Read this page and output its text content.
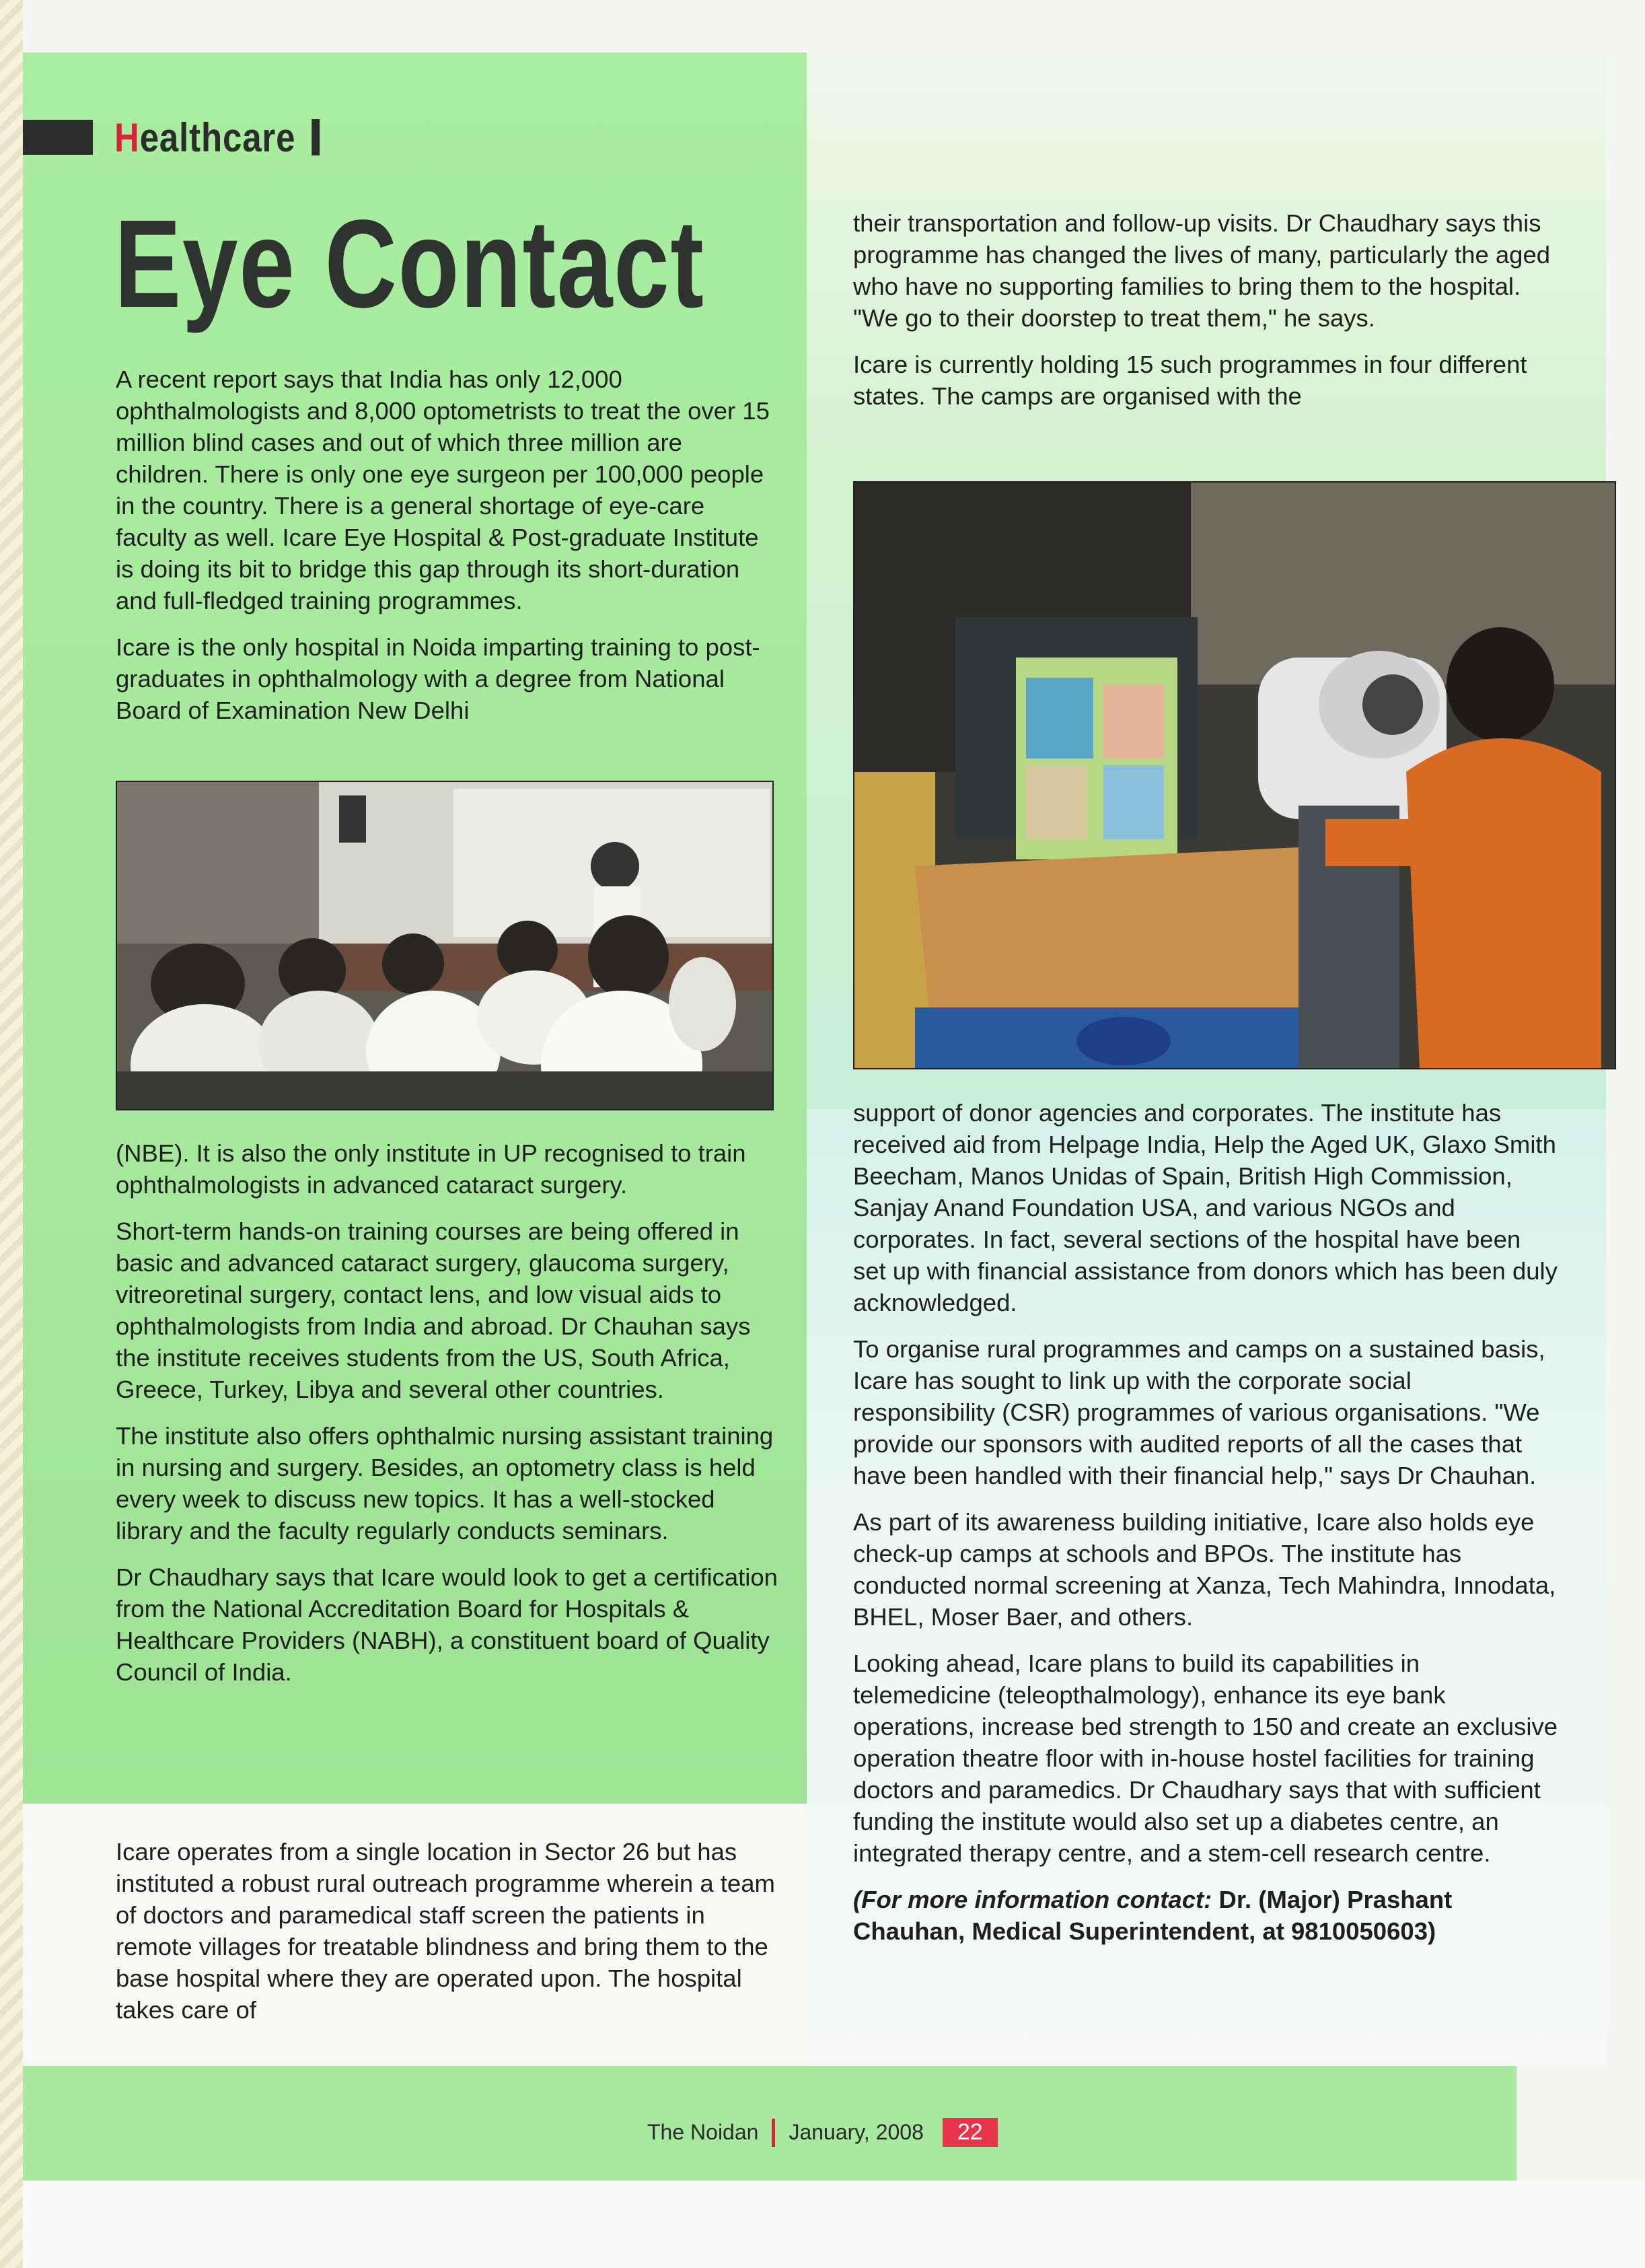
Healthcare
Eye Contact

A recent report says that India has only 12,000 ophthalmologists and 8,000 optometrists to treat the over 15 million blind cases and out of which three million are children. There is only one eye surgeon per 100,000 people in the country. There is a general shortage of eye-care faculty as well. Icare Eye Hospital & Post-graduate Institute is doing its bit to bridge this gap through its short-duration and full-fledged training programmes.

Icare is the only hospital in Noida imparting training to post-graduates in ophthalmology with a degree from National Board of Examination New Delhi

(NBE). It is also the only institute in UP recognised to train ophthalmologists in advanced cataract surgery.

Short-term hands-on training courses are being offered in basic and advanced cataract surgery, glaucoma surgery, vitreoretinal surgery, contact lens, and low visual aids to ophthalmologists from India and abroad. Dr Chauhan says the institute receives students from the US, South Africa, Greece, Turkey, Libya and several other countries.

The institute also offers ophthalmic nursing assistant training in nursing and surgery. Besides, an optometry class is held every week to discuss new topics. It has a well-stocked library and the faculty regularly conducts seminars.

Dr Chaudhary says that Icare would look to get a certification from the National Accreditation Board for Hospitals & Healthcare Providers (NABH), a constituent board of Quality Council of India.

Icare operates from a single location in Sector 26 but has instituted a robust rural outreach programme wherein a team of doctors and paramedical staff screen the patients in remote villages for treatable blindness and bring them to the base hospital where they are operated upon. The hospital takes care of

their transportation and follow-up visits. Dr Chaudhary says this programme has changed the lives of many, particularly the aged who have no supporting families to bring them to the hospital. "We go to their doorstep to treat them," he says.

Icare is currently holding 15 such programmes in four different states. The camps are organised with the

support of donor agencies and corporates. The institute has received aid from Helpage India, Help the Aged UK, Glaxo Smith Beecham, Manos Unidas of Spain, British High Commission, Sanjay Anand Foundation USA, and various NGOs and corporates. In fact, several sections of the hospital have been set up with financial assistance from donors which has been duly acknowledged.

To organise rural programmes and camps on a sustained basis, Icare has sought to link up with the corporate social responsibility (CSR) programmes of various organisations. "We provide our sponsors with audited reports of all the cases that have been handled with their financial help," says Dr Chauhan.

As part of its awareness building initiative, Icare also holds eye check-up camps at schools and BPOs. The institute has conducted normal screening at Xanza, Tech Mahindra, Innodata, BHEL, Moser Baer, and others.

Looking ahead, Icare plans to build its capabilities in telemedicine (teleopthalmology), enhance its eye bank operations, increase bed strength to 150 and create an exclusive operation theatre floor with in-house hostel facilities for training doctors and paramedics. Dr Chaudhary says that with sufficient funding the institute would also set up a diabetes centre, an integrated therapy centre, and a stem-cell research centre.

(For more information contact: Dr. (Major) Prashant Chauhan, Medical Superintendent, at 9810050603)

The Noidan January, 2008	22
